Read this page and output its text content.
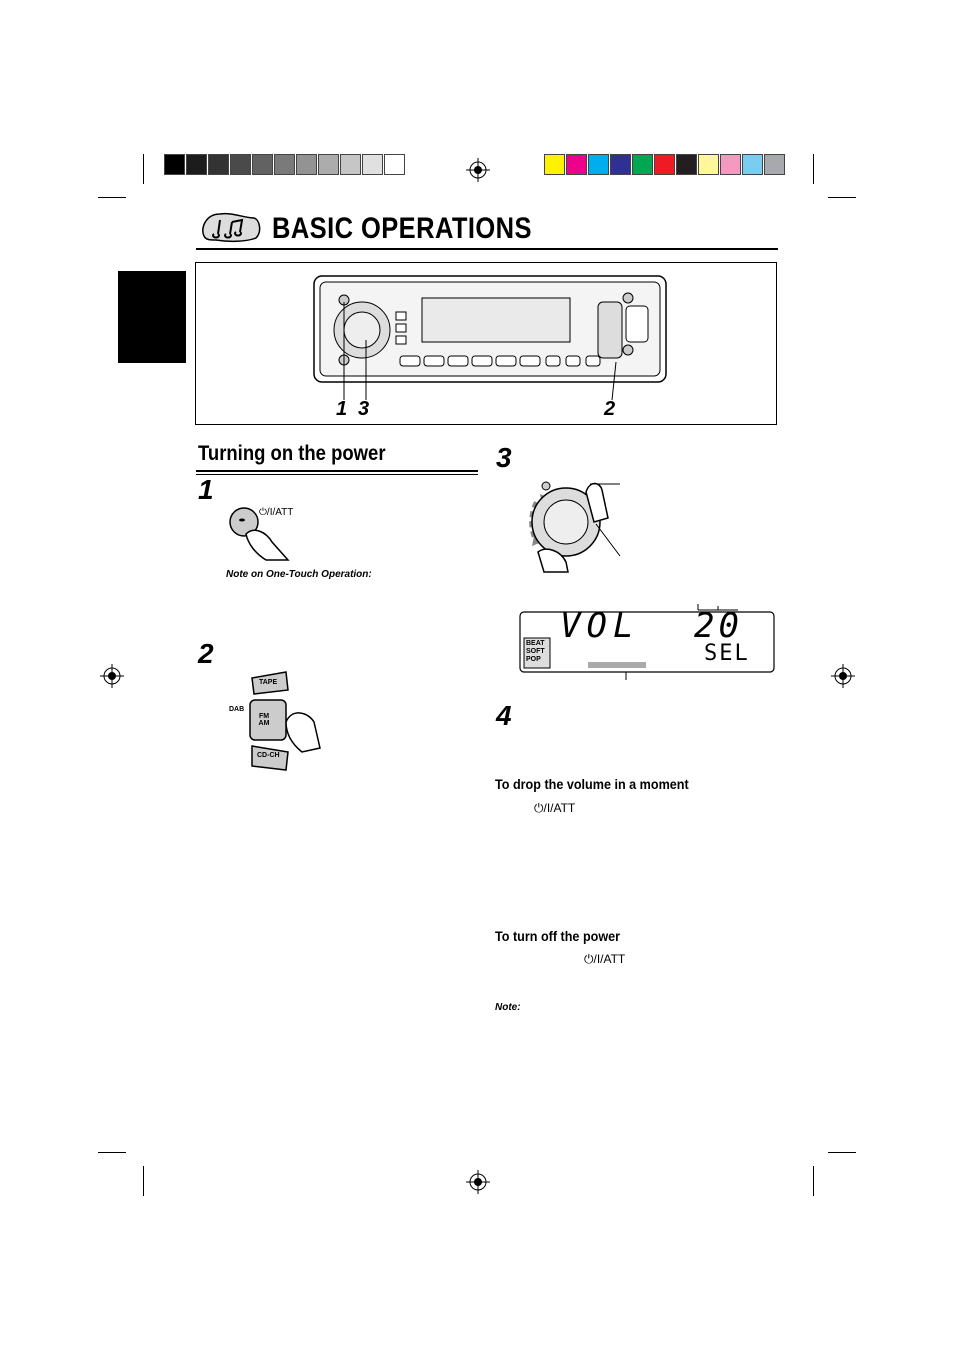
BASIC OPERATIONS
1 3	2
Turning on the power
1
⏻/I/ATT
Note on One-Touch Operation:
2
DAB
TAPE
FM AM
CD-CH
3
VOL 20
SEL
BEAT
SOFT
POP
4
To drop the volume in a moment
⏻/I/ATT
To turn off the power
⏻/I/ATT
Note:
